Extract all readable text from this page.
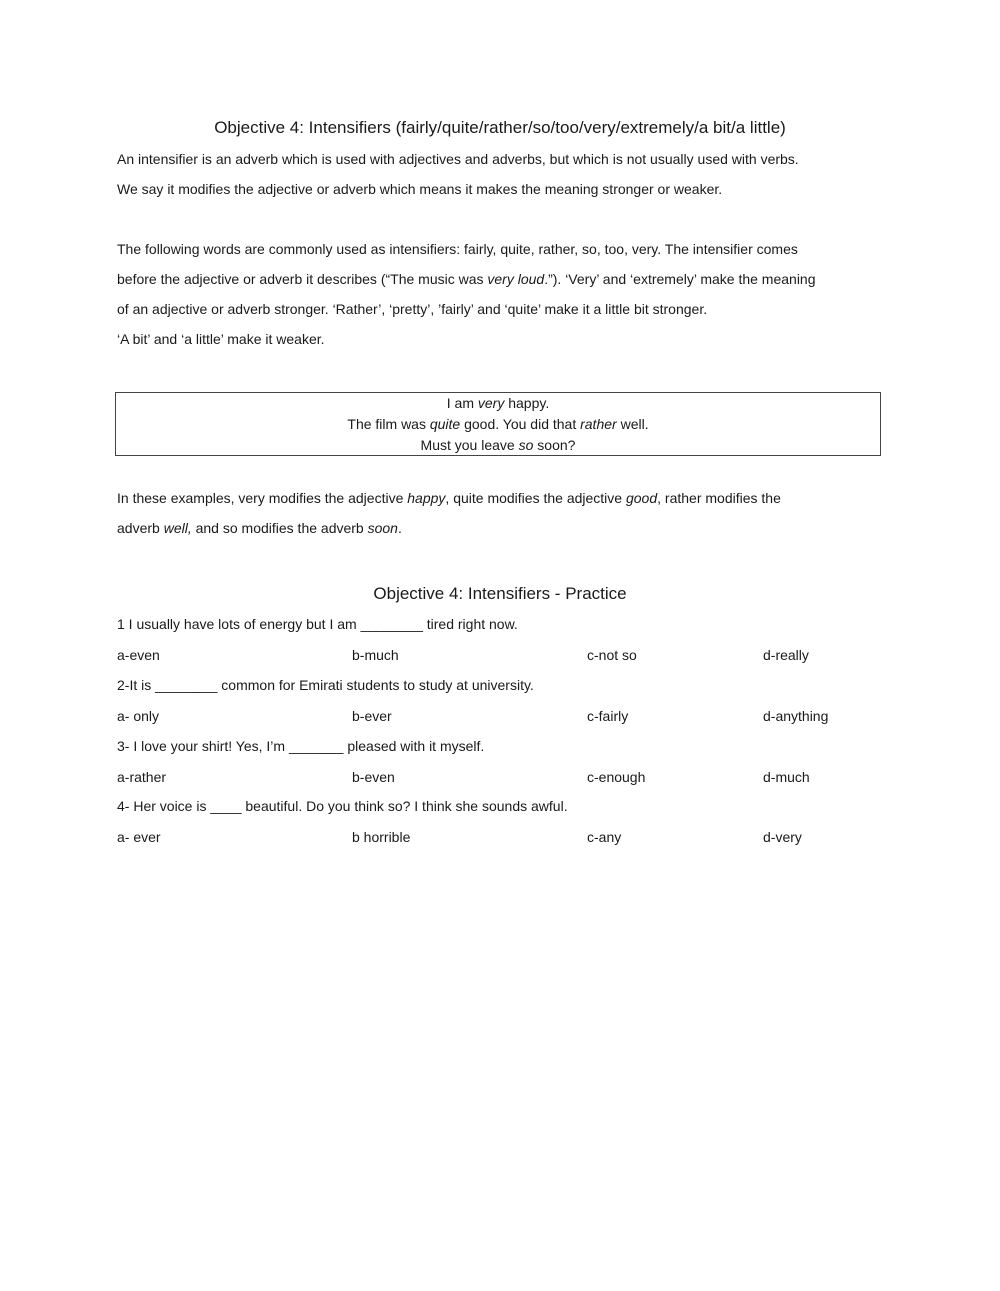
Objective 4: Intensifiers (fairly/quite/rather/so/too/very/extremely/a bit/a little)
An intensifier is an adverb which is used with adjectives and adverbs, but which is not usually used with verbs.
We say it modifies the adjective or adverb which means it makes the meaning stronger or weaker.
The following words are commonly used as intensifiers: fairly, quite, rather, so, too, very. The intensifier comes
before the adjective or adverb it describes (“The music was very loud.”). ‘Very’ and ‘extremely’ make the meaning
of an adjective or adverb stronger. ‘Rather’, ‘pretty’, ’fairly’ and ‘quite’ make it a little bit stronger.
‘A bit’ and ‘a little’ make it weaker.
I am very happy.
The film was quite good. You did that rather well.
Must you leave so soon?
In these examples, very modifies the adjective happy, quite modifies the adjective good, rather modifies the
adverb well, and so modifies the adverb soon.
Objective 4: Intensifiers - Practice
1 I usually have lots of energy but I am ________ tired right now.
a-even	b-much	c-not so	d-really
2-It is ________ common for Emirati students to study at university.
a- only	b-ever	c-fairly	d-anything
3- I love your shirt! Yes, I’m _______ pleased with it myself.
a-rather	b-even	c-enough	d-much
4- Her voice is ____ beautiful. Do you think so? I think she sounds awful.
a- ever	b horrible	c-any	d-very
